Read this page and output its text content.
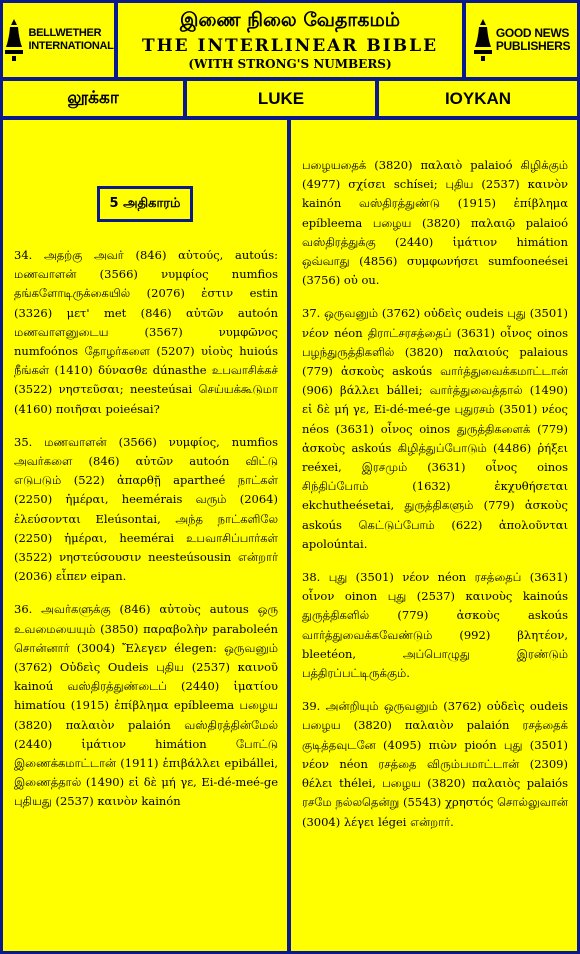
BELLWETHER
INTERNATIONAL
இணை நிலை வேதாகமம்
THE INTERLINEAR BIBLE
(WITH STRONG'S NUMBERS)
GOOD NEWS
PUBLISHERS
லூக்கா	LUKE	IOYKAN
5 அதிகாரம்

34. அதற்கு அவர் (846) αὐτούς, autoús: மணவாளன் (3566) νυμφίος numfios தங்களோடிருக்கையில் (2076) ἐστιν estin (3326) μετ' met (846) αὐτῶν autoón மணவாளனுடைய (3567) νυμφῶνος numfoónos தோழர்களை (5207) υἱοὺς huioús நீங்கள் (1410) δύνασθε dúnasthe உபவாசிக்கச் (3522) νηστεῦσαι; neesteúsai செய்யக்கூடுமா (4160) ποιῆσαι poieésai?

35. மணவாளன் (3566) νυμφίος, numfios அவர்களை (846) αὐτῶν autoón விட்டு எடுபடும் (522) ἀπαρθῇ apartheé நாட்கள் (2250) ἡμέραι, heemérais வரும் (2064) ἐλεύσονται Eleúsontai, அந்த நாட்களிலே (2250) ἡμέραι, heemérai உபவாசிப்பார்கள் (3522) νηστεύσουσιν neesteúsousin என்றார் (2036) εἶπεν eipan.

36. அவர்களுக்கு (846) αὐτοὺς autous ஒரு உவமையையும் (3850) παραβολὴν parabolеén சொன்னார் (3004) Ἔλεγεν élegen: ஒருவனும் (3762) Οὐδεὶς Oudeis புதிய (2537) καινοῦ kainoú வஸ்திரத்துண்டைப் (2440) ἱματίου himatíou (1915) ἐπίβλημα epíbleema பழைய (3820) παλαιὸν palaión வஸ்திரத்தின்மேல் (2440) ἱμάτιον himátion போட்டு இணைக்கமாட்டான் (1911) ἐπιβάλλει epibállei, இணைத்தால் (1490) εἰ δὲ μή γε, Ei-dé-meé-ge புதியது (2537) καινὸν kainón

பழையதைக் (3820) παλαιὸ palaioó கிழிக்கும் (4977) σχίσει schísei; புதிய (2537) καινὸν kainón வஸ்திரத்துண்டு (1915) ἐπίβλημα epíbleema பழைய (3820) παλαιῷ palaioó வஸ்திரத்துக்கு (2440) ἱμάτιον himátion ஒவ்வாது (4856) συμφωνήσει sumfooneései (3756) οὐ ou.

37. ஒருவனும் (3762) οὐδεὶς oudeis புது (3501) νέον néon திராட்சரசத்தைப் (3631) οἶνος oinos பழந்துருத்திகளில் (3820) παλαιούς palaious (779) ἀσκοὺς askoús வார்த்துவைக்கமாட்டான் (906) βάλλει bállei; வார்த்துவைத்தால் (1490) εἰ δὲ μή γε, Ei-dé-meé-ge புதுரசம் (3501) νέος néos (3631) οἶνος oinos துருத்திகளைக் (779) ἀσκοὺς askoús கிழித்துப்போடும் (4486) ῥήξει reéxei, இரசமும் (3631) οἶνος oinos சிந்திப்போம் (1632) ἐκχυθήσεται ekchutheésetai, துருத்திகளும் (779) ἀσκοὺς askoús கெட்டுப்போம் (622) ἀπολοῦνται apoloúntai.

38. புது (3501) νέον néon ரசத்தைப் (3631) οἶνον oinon புது (2537) καινοὺς kainoús துருத்திகளில் (779) ἀσκοὺς askoús வார்த்துவைக்கவேண்டும் (992) βλητέον, bleetéon, அப்பொழுது இரண்டும் பத்திரப்பட்டிருக்கும்.

39. அன்றியும் ஒருவனும் (3762) οὐδεὶς oudeis பழைய (3820) παλαιὸν palaión ரசத்தைக் குடித்தவுடனே (4095) πιὼν pioón புது (3501) νέον néon ரசத்தை விரும்பமாட்டான் (2309) θέλει thélei, பழைய (3820) παλαιὸς palaiós ரசமே நல்லதென்று (5543) χρηστός சொல்லுவான் (3004) λέγει légei என்றார்.
